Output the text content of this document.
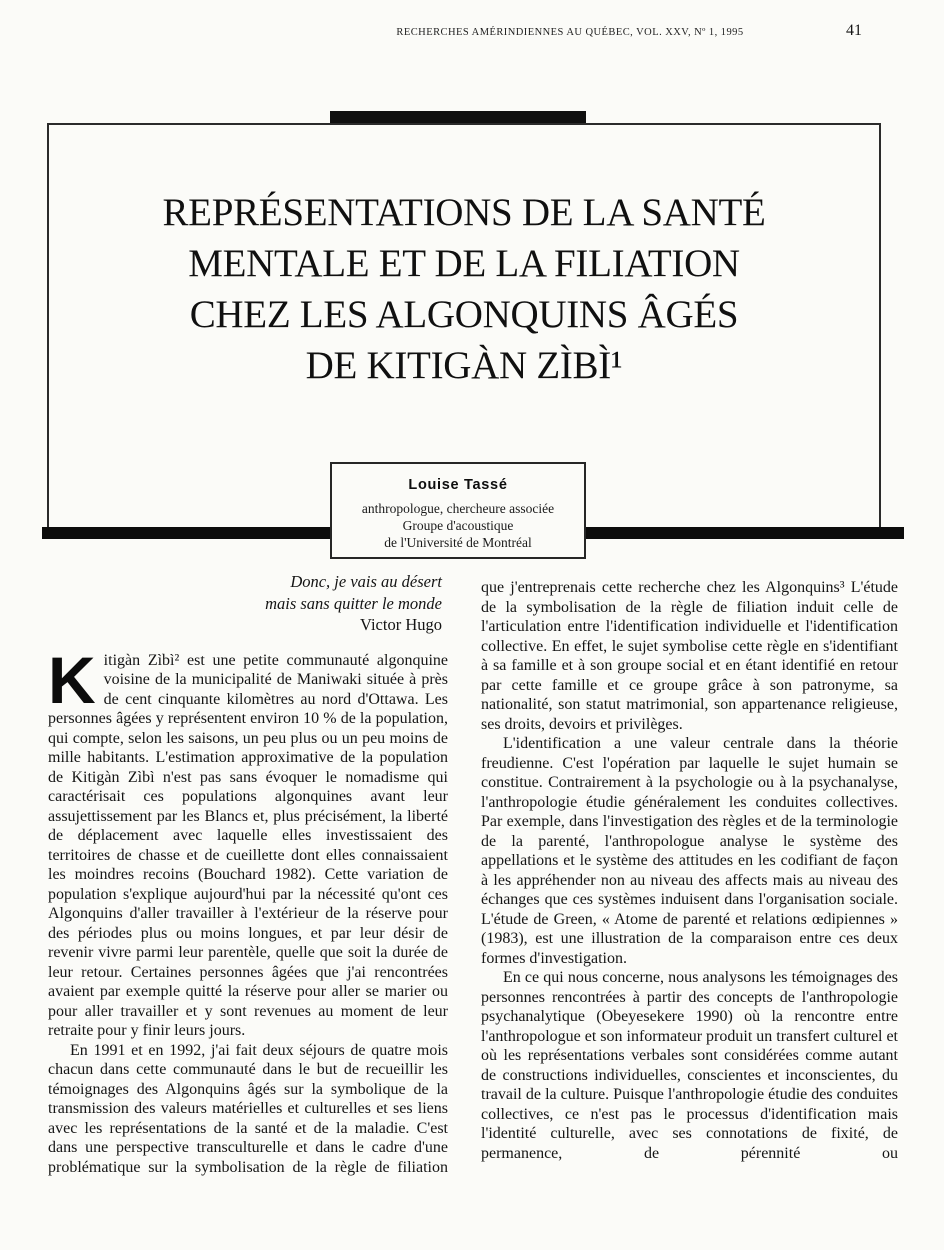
RECHERCHES AMÉRINDIENNES AU QUÉBEC, VOL. XXV, Nº 1, 1995	41
REPRÉSENTATIONS DE LA SANTÉ
MENTALE ET DE LA FILIATION
CHEZ LES ALGONQUINS ÂGÉS
DE KITIGÀN ZÌBÌ¹
Louise Tassé
anthropologue, chercheure associée
Groupe d'acoustique
de l'Université de Montréal
Donc, je vais au désert
mais sans quitter le monde
Victor Hugo

Kitigàn Zìbì² est une petite communauté algonquine voisine de la municipalité de Maniwaki située à près de cent cinquante kilomètres au nord d'Ottawa. Les personnes âgées y représentent environ 10 % de la population, qui compte, selon les saisons, un peu plus ou un peu moins de mille habitants. L'estimation approximative de la population de Kitigàn Zìbì n'est pas sans évoquer le nomadisme qui caractérisait ces populations algonquines avant leur assujettissement par les Blancs et, plus précisément, la liberté de déplacement avec laquelle elles investissaient des territoires de chasse et de cueillette dont elles connaissaient les moindres recoins (Bouchard 1982). Cette variation de population s'explique aujourd'hui par la nécessité qu'ont ces Algonquins d'aller travailler à l'extérieur de la réserve pour des périodes plus ou moins longues, et par leur désir de revenir vivre parmi leur parentèle, quelle que soit la durée de leur retour. Certaines personnes âgées que j'ai rencontrées avaient par exemple quitté la réserve pour aller se marier ou pour aller travailler et y sont revenues au moment de leur retraite pour y finir leurs jours.

En 1991 et en 1992, j'ai fait deux séjours de quatre mois chacun dans cette communauté dans le but de recueillir les témoignages des Algonquins âgés sur la symbolique de la transmission des valeurs matérielles et culturelles et ses liens avec les représentations de la santé et de la maladie. C'est dans une perspective transculturelle et dans le cadre d'une problématique sur la symbolisation de la règle de filiation

que j'entreprenais cette recherche chez les Algonquins³ L'étude de la symbolisation de la règle de filiation induit celle de l'articulation entre l'identification individuelle et l'identification collective. En effet, le sujet symbolise cette règle en s'identifiant à sa famille et à son groupe social et en étant identifié en retour par cette famille et ce groupe grâce à son patronyme, sa nationalité, son statut matrimonial, son appartenance religieuse, ses droits, devoirs et privilèges.

L'identification a une valeur centrale dans la théorie freudienne. C'est l'opération par laquelle le sujet humain se constitue. Contrairement à la psychologie ou à la psychanalyse, l'anthropologie étudie généralement les conduites collectives. Par exemple, dans l'investigation des règles et de la terminologie de la parenté, l'anthropologue analyse le système des appellations et le système des attitudes en les codifiant de façon à les appréhender non au niveau des affects mais au niveau des échanges que ces systèmes induisent dans l'organisation sociale. L'étude de Green, « Atome de parenté et relations œdipiennes » (1983), est une illustration de la comparaison entre ces deux formes d'investigation.

En ce qui nous concerne, nous analysons les témoignages des personnes rencontrées à partir des concepts de l'anthropologie psychanalytique (Obeyesekere 1990) où la rencontre entre l'anthropologue et son informateur produit un transfert culturel et où les représentations verbales sont considérées comme autant de constructions individuelles, conscientes et inconscientes, du travail de la culture. Puisque l'anthropologie étudie des conduites collectives, ce n'est pas le processus d'identification mais l'identité culturelle, avec ses connotations de fixité, de permanence, de pérennité ou
